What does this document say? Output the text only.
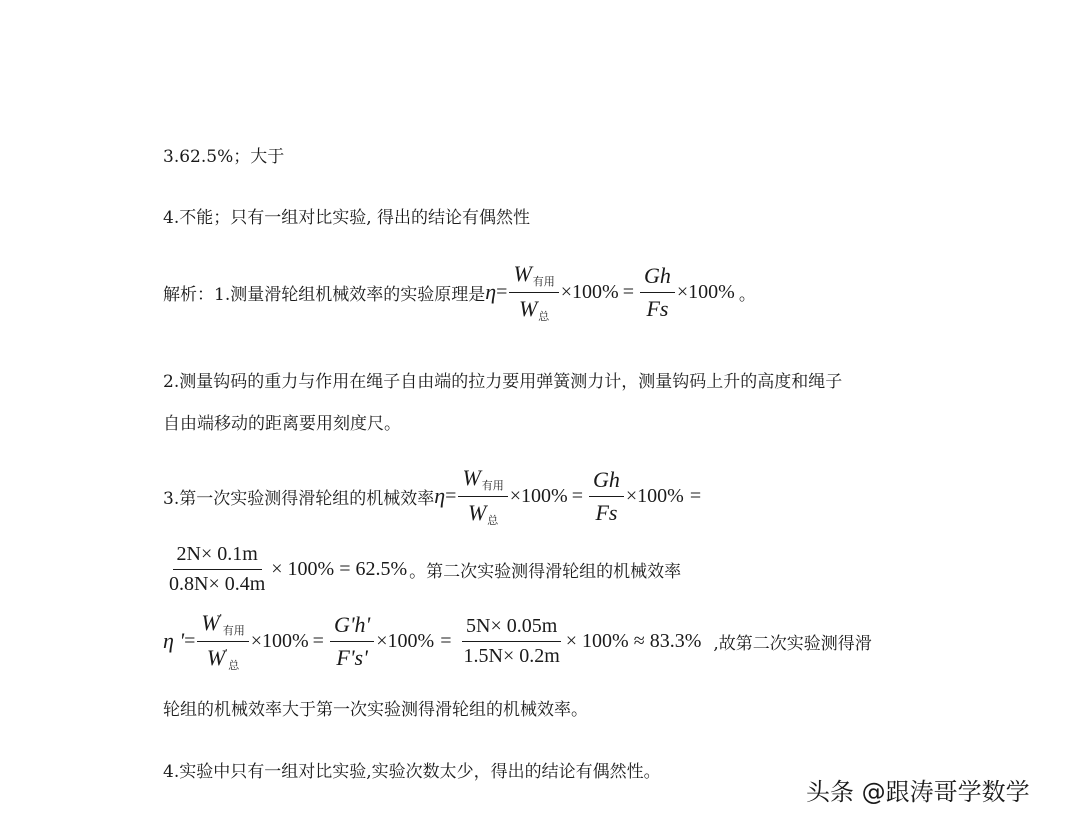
3.62.5%；大于
4.不能；只有一组对比实验, 得出的结论有偶然性
解析：1.测量滑轮组机械效率的实验原理是 $\eta = \frac{W_{有用}}{W_总} \times 100\% = \frac{Gh}{Fs} \times 100\%$ 。
2.测量钩码的重力与作用在绳子自由端的拉力要用弹簧测力计，测量钩码上升的高度和绳子
自由端移动的距离要用刻度尺。
3.第一次实验测得滑轮组的机械效率 $\eta = \frac{W_{有用}}{W_总} \times 100\% = \frac{Gh}{Fs} \times 100\%$ =
$\frac{2N\times 0.1m}{0.8N\times 0.4m} \times 100\% = 62.5\%$ 。第二次实验测得滑轮组的机械效率
η ' = $\frac{W'_{有用}}{W'_总} \times 100\% = \frac{G'h'}{F's'} \times 100\% = \frac{5N\times 0.05m}{1.5N\times 0.2m} \times 100\% \approx 83.3\%$ ,故第二次实验测得滑
轮组的机械效率大于第一次实验测得滑轮组的机械效率。
4.实验中只有一组对比实验,实验次数太少，得出的结论有偶然性。
头条 @跟涛哥学数学
